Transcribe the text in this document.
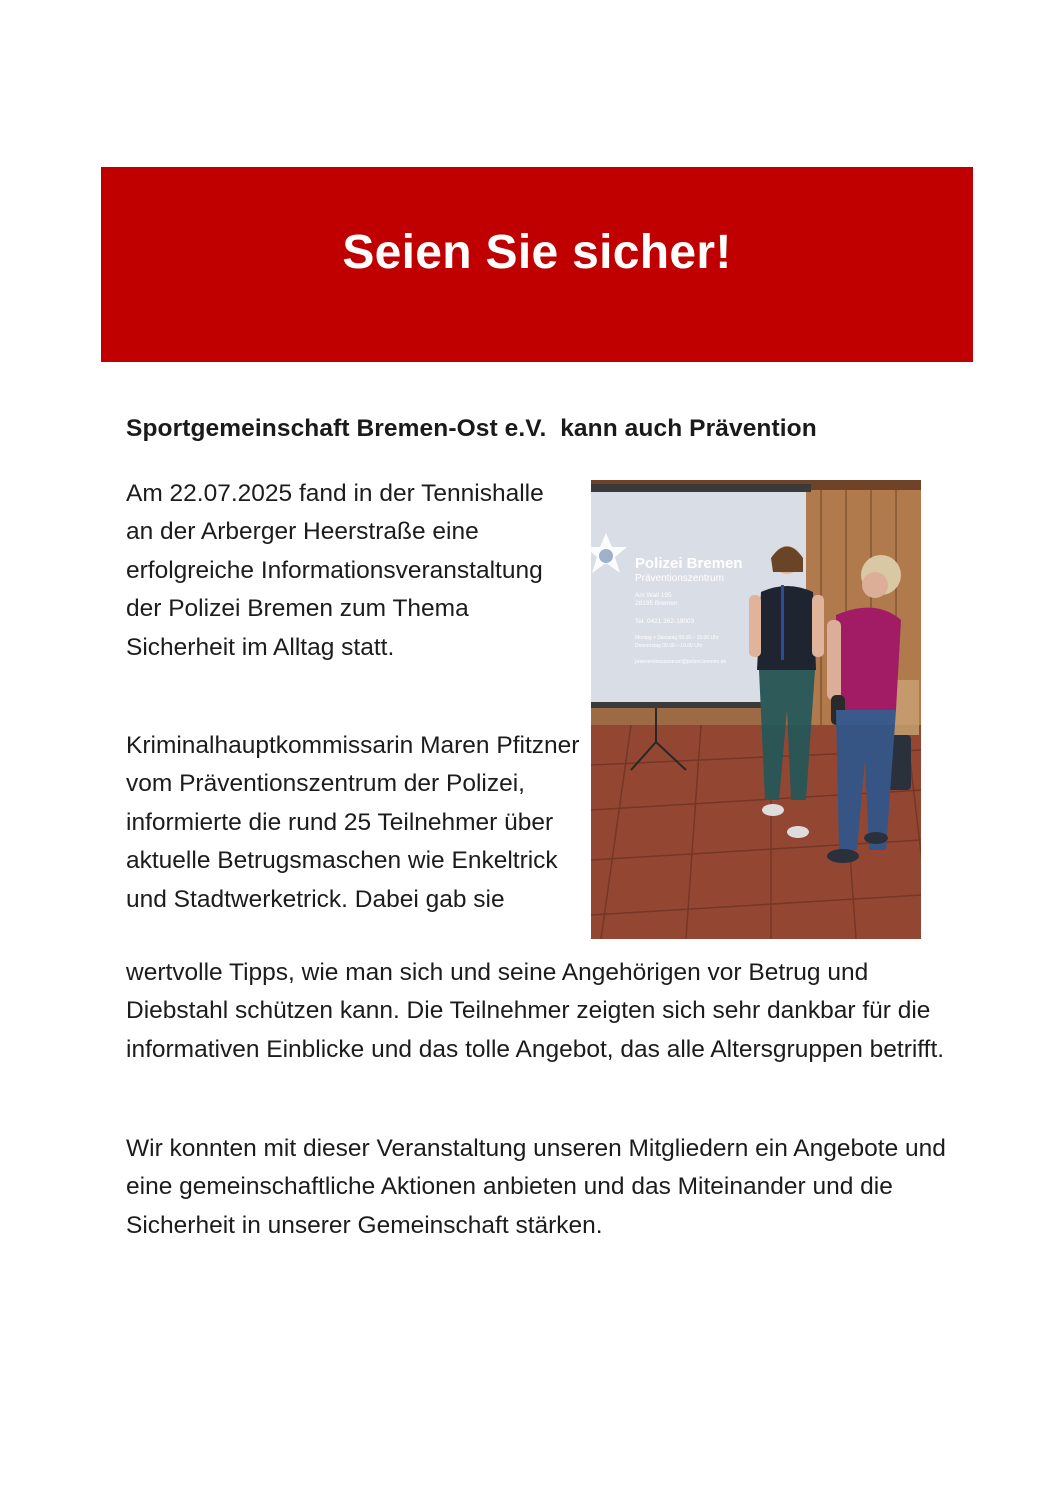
Seien Sie sicher!
Sportgemeinschaft Bremen-Ost e.V.  kann auch Prävention

Am 22.07.2025 fand in der Tennishalle an der Arberger Heerstraße eine erfolgreiche Informationsveranstaltung der Polizei Bremen zum Thema Sicherheit im Alltag statt.

Kriminalhauptkommissarin Maren Pfitzner vom Präventionszentrum der Polizei, informierte die rund 25 Teilnehmer über aktuelle Betrugsmaschen wie Enkeltrick und Stadtwerketrick. Dabei gab sie

wertvolle Tipps, wie man sich und seine Angehörigen vor Betrug und Diebstahl schützen kann. Die Teilnehmer zeigten sich sehr dankbar für die informativen Einblicke und das tolle Angebot, das alle Altersgruppen betrifft.

Wir konnten mit dieser Veranstaltung unseren Mitgliedern ein Angebote und eine gemeinschaftliche Aktionen anbieten und das Miteinander und die Sicherheit in unserer Gemeinschaft stärken.

Polizei Bremen
Präventionszentrum
Am Wall 195
28195 Bremen
Tel. 0421 362-19003
Montag + Dienstag 09.00 – 15.00 Uhr
Donnerstag 09.00 – 16.00 Uhr
praeventionszentrum@polizei.bremen.de
